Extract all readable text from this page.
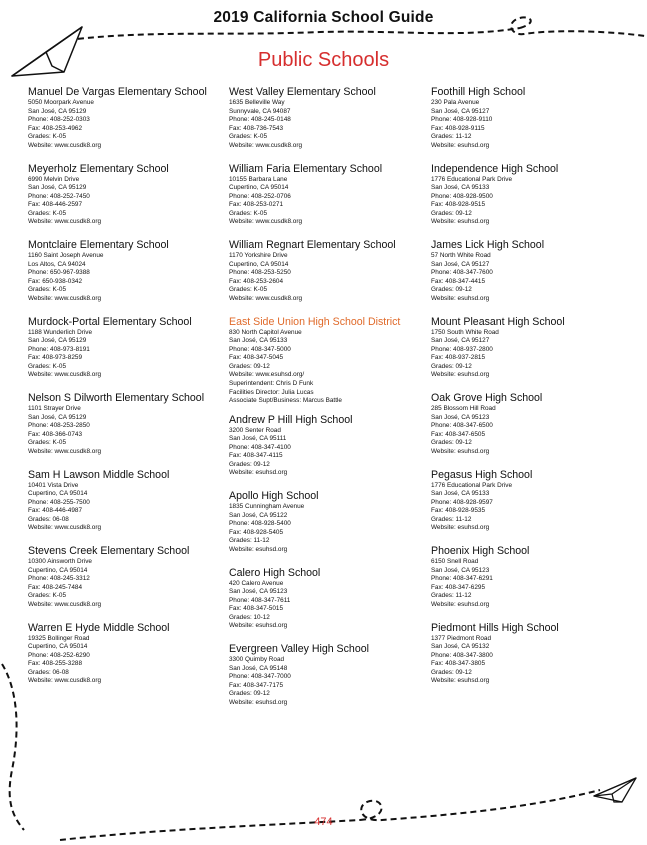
2019 California School Guide
Public Schools
Manuel De Vargas Elementary School
5050 Moorpark Avenue
San José, CA 95129
Phone: 408-252-0303
Fax: 408-253-4962
Grades: K-05
Website: www.cusdk8.org
Meyerholz Elementary School
6990 Melvin Drive
San José, CA 95129
Phone: 408-252-7450
Fax: 408-446-2597
Grades: K-05
Website: www.cusdk8.org
Montclaire Elementary School
1160 Saint Joseph Avenue
Los Altos, CA 94024
Phone: 650-967-9388
Fax: 650-938-0342
Grades: K-05
Website: www.cusdk8.org
Murdock-Portal Elementary School
1188 Wunderlich Drive
San José, CA 95129
Phone: 408-973-8191
Fax: 408-973-8259
Grades: K-05
Website: www.cusdk8.org
Nelson S Dilworth Elementary School
1101 Strayer Drive
San José, CA 95129
Phone: 408-253-2850
Fax: 408-366-0743
Grades: K-05
Website: www.cusdk8.org
Sam H Lawson Middle School
10401 Vista Drive
Cupertino, CA 95014
Phone: 408-255-7500
Fax: 408-446-4987
Grades: 06-08
Website: www.cusdk8.org
Stevens Creek Elementary School
10300 Ainsworth Drive
Cupertino, CA 95014
Phone: 408-245-3312
Fax: 408-245-7484
Grades: K-05
Website: www.cusdk8.org
Warren E Hyde Middle School
19325 Bollinger Road
Cupertino, CA 95014
Phone: 408-252-6290
Fax: 408-255-3288
Grades: 06-08
Website: www.cusdk8.org
West Valley Elementary School
1635 Belleville Way
Sunnyvale, CA 94087
Phone: 408-245-0148
Fax: 408-736-7543
Grades: K-05
Website: www.cusdk8.org
William Faria Elementary School
10155 Barbara Lane
Cupertino, CA 95014
Phone: 408-252-0706
Fax: 408-253-0271
Grades: K-05
Website: www.cusdk8.org
William Regnart Elementary School
1170 Yorkshire Drive
Cupertino, CA 95014
Phone: 408-253-5250
Fax: 408-253-2604
Grades: K-05
Website: www.cusdk8.org
East Side Union High School District
830 North Capitol Avenue
San José, CA 95133
Phone: 408-347-5000
Fax: 408-347-5045
Grades: 09-12
Website: www.esuhsd.org/
Superintendent: Chris D Funk
Facilities Director: Julia Lucas
Associate Supt/Business: Marcus Battle
Andrew P Hill High School
3200 Senter Road
San José, CA 95111
Phone: 408-347-4100
Fax: 408-347-4115
Grades: 09-12
Website: esuhsd.org
Apollo High School
1835 Cunningham Avenue
San José, CA 95122
Phone: 408-928-5400
Fax: 408-928-5405
Grades: 11-12
Website: esuhsd.org
Calero High School
420 Calero Avenue
San José, CA 95123
Phone: 408-347-7611
Fax: 408-347-5015
Grades: 10-12
Website: esuhsd.org
Evergreen Valley High School
3300 Quimby Road
San José, CA 95148
Phone: 408-347-7000
Fax: 408-347-7175
Grades: 09-12
Website: esuhsd.org
Foothill High School
230 Pala Avenue
San José, CA 95127
Phone: 408-928-9110
Fax: 408-928-9115
Grades: 11-12
Website: esuhsd.org
Independence High School
1776 Educational Park Drive
San José, CA 95133
Phone: 408-928-9500
Fax: 408-928-9515
Grades: 09-12
Website: esuhsd.org
James Lick High School
57 North White Road
San José, CA 95127
Phone: 408-347-7600
Fax: 408-347-4415
Grades: 09-12
Website: esuhsd.org
Mount Pleasant High School
1750 South White Road
San José, CA 95127
Phone: 408-937-2800
Fax: 408-937-2815
Grades: 09-12
Website: esuhsd.org
Oak Grove High School
285 Blossom Hill Road
San José, CA 95123
Phone: 408-347-6500
Fax: 408-347-6505
Grades: 09-12
Website: esuhsd.org
Pegasus High School
1776 Educational Park Drive
San José, CA 95133
Phone: 408-928-9597
Fax: 408-928-9535
Grades: 11-12
Website: esuhsd.org
Phoenix High School
6150 Snell Road
San José, CA 95123
Phone: 408-347-6291
Fax: 408-347-6295
Grades: 11-12
Website: esuhsd.org
Piedmont Hills High School
1377 Piedmont Road
San José, CA 95132
Phone: 408-347-3800
Fax: 408-347-3805
Grades: 09-12
Website: esuhsd.org
474
